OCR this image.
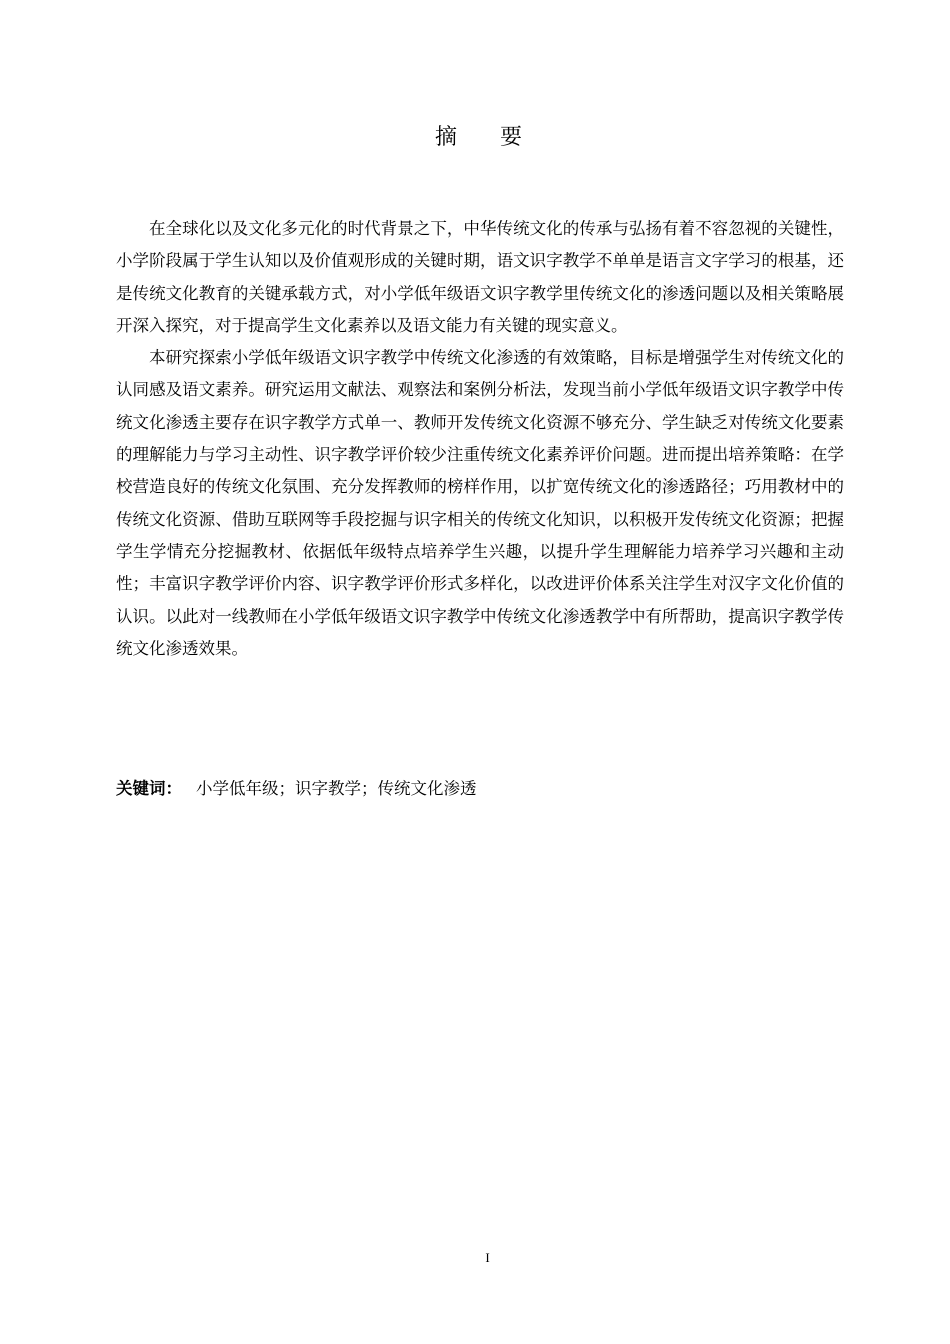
摘 要

在全球化以及文化多元化的时代背景之下，中华传统文化的传承与弘扬有着不容忽视的关键性，小学阶段属于学生认知以及价值观形成的关键时期，语文识字教学不单单是语言文字学习的根基，还是传统文化教育的关键承载方式，对小学低年级语文识字教学里传统文化的渗透问题以及相关策略展开深入探究，对于提高学生文化素养以及语文能力有关键的现实意义。

本研究探索小学低年级语文识字教学中传统文化渗透的有效策略，目标是增强学生对传统文化的认同感及语文素养。研究运用文献法、观察法和案例分析法，发现当前小学低年级语文识字教学中传统文化渗透主要存在识字教学方式单一、教师开发传统文化资源不够充分、学生缺乏对传统文化要素的理解能力与学习主动性、识字教学评价较少注重传统文化素养评价问题。进而提出培养策略：在学校营造良好的传统文化氛围、充分发挥教师的榜样作用，以扩宽传统文化的渗透路径；巧用教材中的传统文化资源、借助互联网等手段挖掘与识字相关的传统文化知识，以积极开发传统文化资源；把握学生学情充分挖掘教材、依据低年级特点培养学生兴趣，以提升学生理解能力培养学习兴趣和主动性；丰富识字教学评价内容、识字教学评价形式多样化，以改进评价体系关注学生对汉字文化价值的认识。以此对一线教师在小学低年级语文识字教学中传统文化渗透教学中有所帮助，提高识字教学传统文化渗透效果。

关键词： 小学低年级；识字教学；传统文化渗透
I
